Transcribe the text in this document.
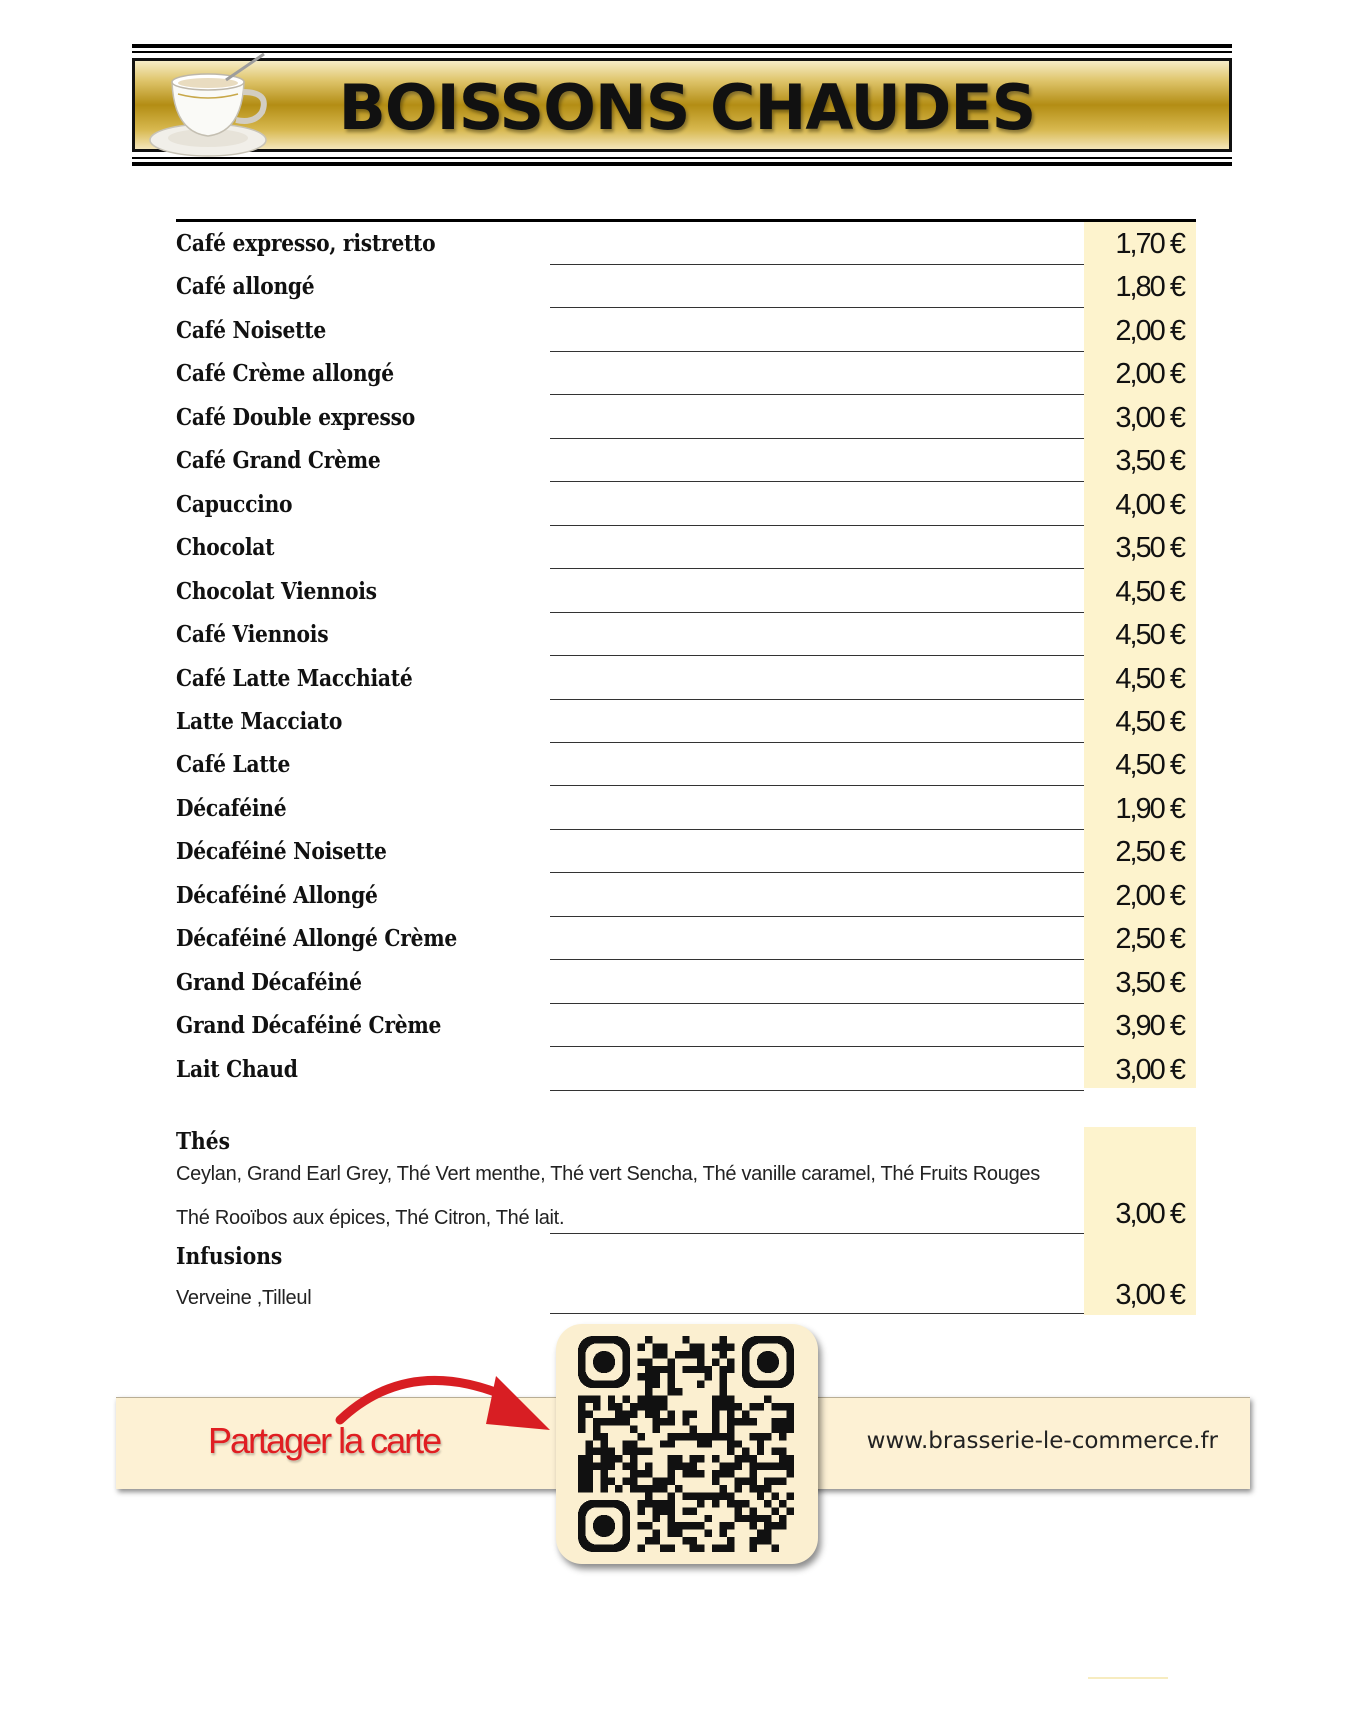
BOISSONS CHAUDES
Café expresso, ristretto	1,70 €
Café allongé	1,80 €
Café Noisette	2,00 €
Café Crème allongé	2,00 €
Café Double expresso	3,00 €
Café Grand Crème	3,50 €
Capuccino	4,00 €
Chocolat	3,50 €
Chocolat Viennois	4,50 €
Café Viennois	4,50 €
Café Latte Macchiaté	4,50 €
Latte Macciato	4,50 €
Café Latte	4,50 €
Décaféiné	1,90 €
Décaféiné Noisette	2,50 €
Décaféiné Allongé	2,00 €
Décaféiné Allongé Crème	2,50 €
Grand Décaféiné	3,50 €
Grand Décaféiné Crème	3,90 €
Lait Chaud	3,00 €
Thés
Ceylan, Grand Earl Grey, Thé Vert menthe, Thé vert Sencha, Thé vanille caramel, Thé Fruits Rouges
Thé Rooïbos aux épices, Thé Citron, Thé lait.	3,00 €
Infusions
Verveine ,Tilleul	3,00 €
Partager la carte	www.brasserie-le-commerce.fr
